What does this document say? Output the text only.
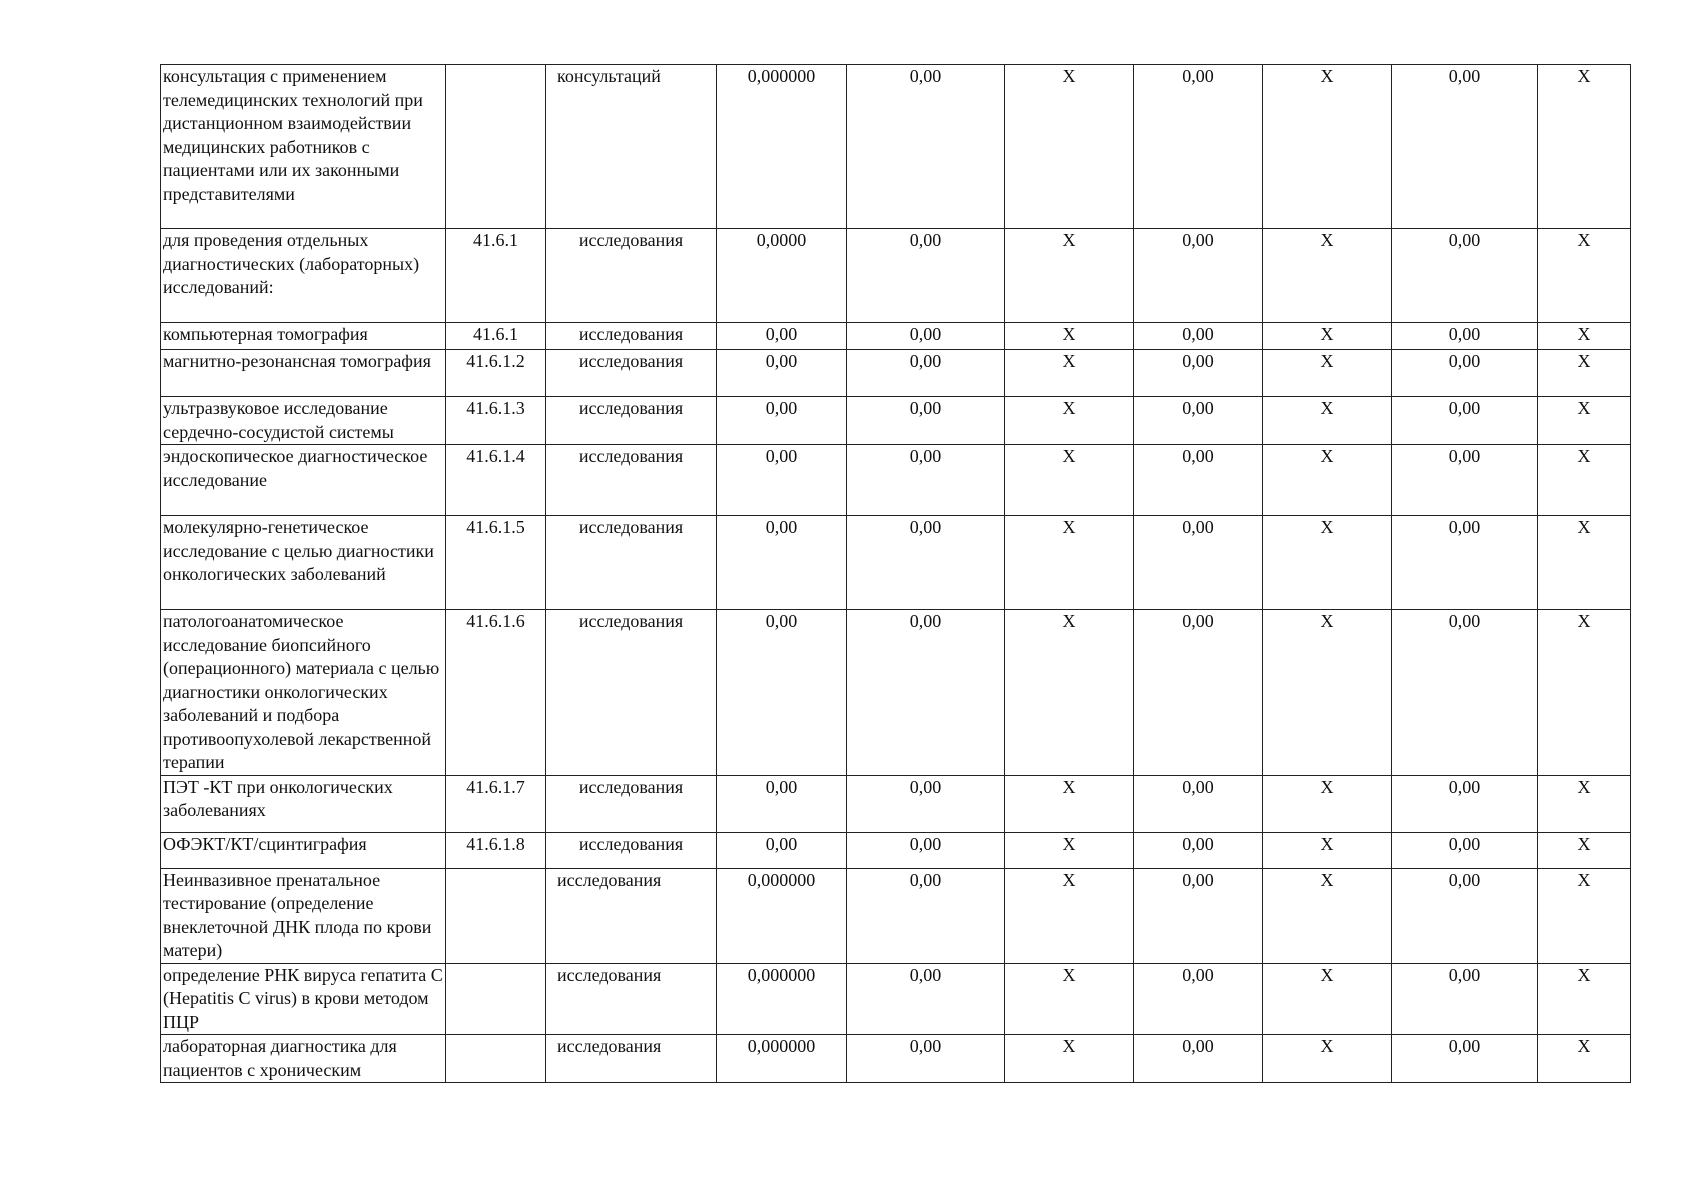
консультация с применением телемедицинских технологий при дистанционном взаимодействии медицинских работников с пациентами или их законными представителями		консультаций	0,000000	0,00	X	0,00	X	0,00	X
для проведения отдельных диагностических (лабораторных) исследований:	41.6.1	исследования	0,0000	0,00	X	0,00	X	0,00	X
компьютерная томография	41.6.1	исследования	0,00	0,00	X	0,00	X	0,00	X
магнитно-резонансная томография	41.6.1.2	исследования	0,00	0,00	X	0,00	X	0,00	X
ультразвуковое исследование сердечно-сосудистой системы	41.6.1.3	исследования	0,00	0,00	X	0,00	X	0,00	X
эндоскопическое диагностическое исследование	41.6.1.4	исследования	0,00	0,00	X	0,00	X	0,00	X
молекулярно-генетическое исследование с целью диагностики онкологических заболеваний	41.6.1.5	исследования	0,00	0,00	X	0,00	X	0,00	X
патологоанатомическое исследование биопсийного (операционного) материала с целью диагностики онкологических заболеваний и подбора противоопухолевой лекарственной терапии	41.6.1.6	исследования	0,00	0,00	X	0,00	X	0,00	X
ПЭТ -КТ при онкологических заболеваниях	41.6.1.7	исследования	0,00	0,00	X	0,00	X	0,00	X
ОФЭКТ/КТ/сцинтиграфия	41.6.1.8	исследования	0,00	0,00	X	0,00	X	0,00	X
Неинвазивное пренатальное тестирование (определение внеклеточной ДНК плода по крови матери)		исследования	0,000000	0,00	X	0,00	X	0,00	X
определение РНК вируса гепатита С (Hepatitis C virus) в крови методом ПЦР		исследования	0,000000	0,00	X	0,00	X	0,00	X
лабораторная диагностика для пациентов с хроническим		исследования	0,000000	0,00	X	0,00	X	0,00	X
